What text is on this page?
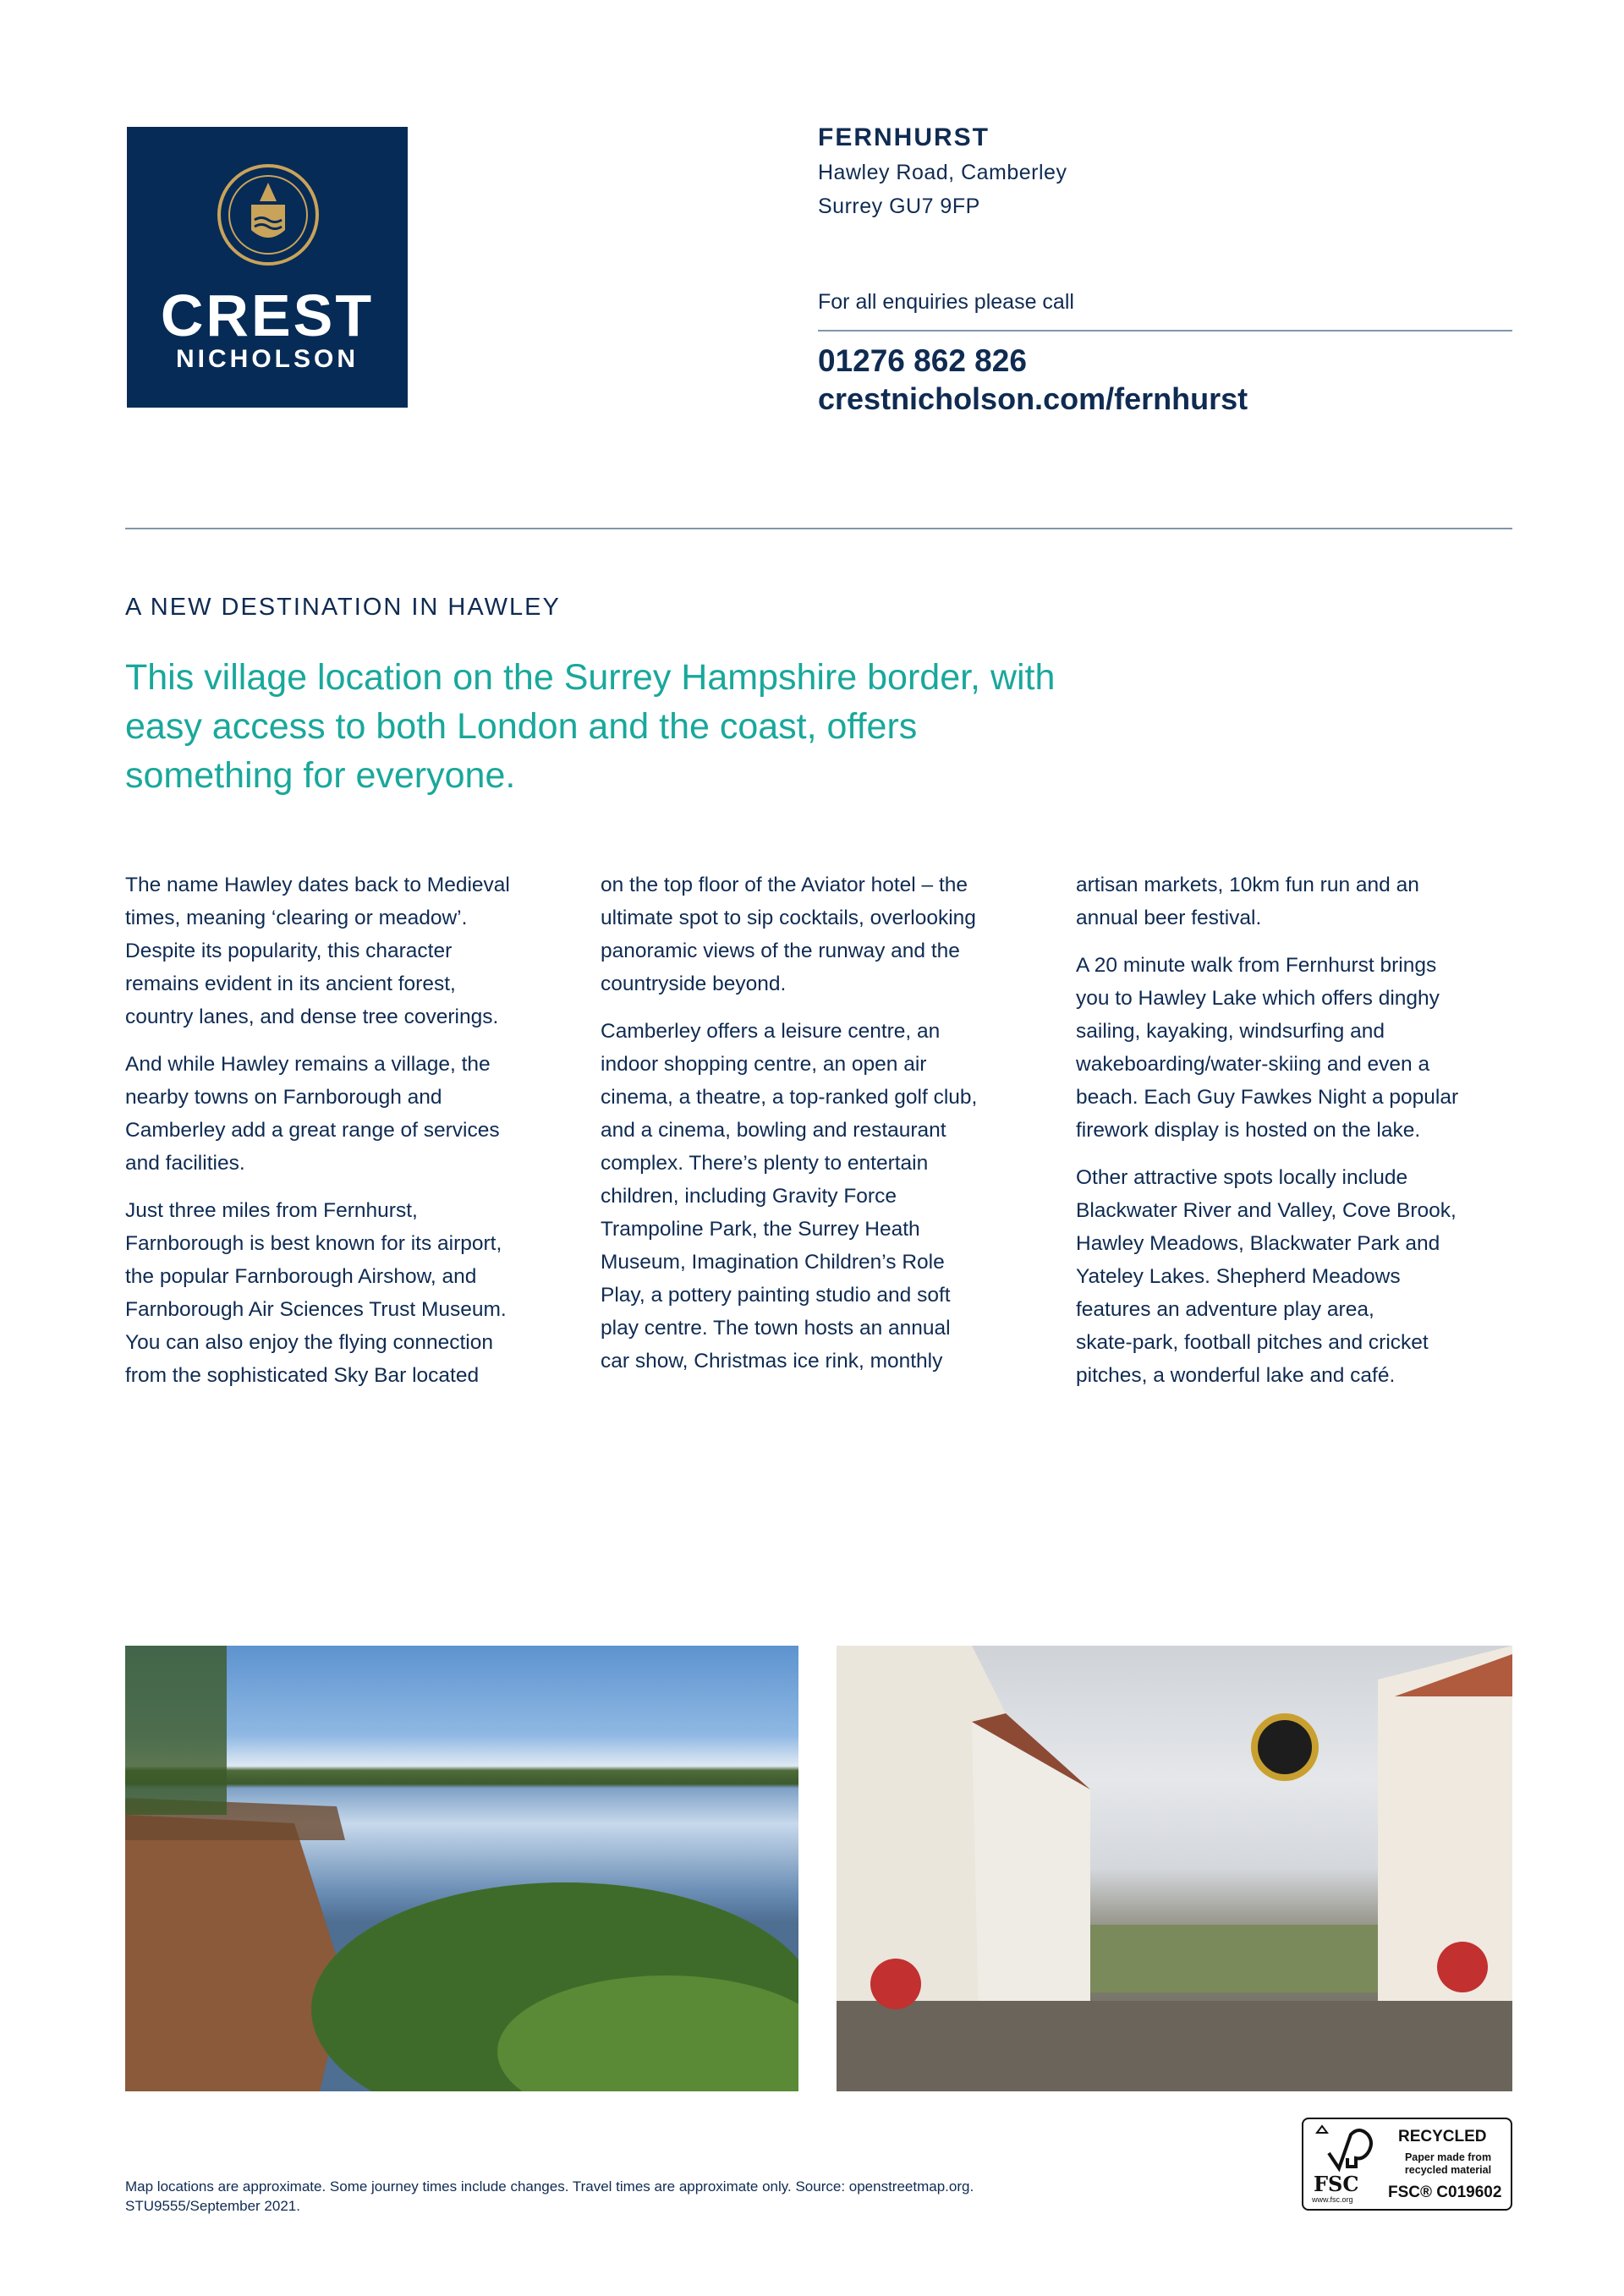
CREST
NICHOLSON
FERNHURST
Hawley Road, Camberley
Surrey GU7 9FP
For all enquiries please call
01276 862 826
crestnicholson.com/fernhurst
A NEW DESTINATION IN HAWLEY
This village location on the Surrey Hampshire border, with easy access to both London and the coast, offers something for everyone.

The name Hawley dates back to Medieval
times, meaning ‘clearing or meadow’.
Despite its popularity, this character
remains evident in its ancient forest,
country lanes, and dense tree coverings.

And while Hawley remains a village, the
nearby towns on Farnborough and
Camberley add a great range of services
and facilities.

Just three miles from Fernhurst,
Farnborough is best known for its airport,
the popular Farnborough Airshow, and
Farnborough Air Sciences Trust Museum.
You can also enjoy the flying connection
from the sophisticated Sky Bar located

on the top floor of the Aviator hotel – the
ultimate spot to sip cocktails, overlooking
panoramic views of the runway and the
countryside beyond.

Camberley offers a leisure centre, an
indoor shopping centre, an open air
cinema, a theatre, a top-ranked golf club,
and a cinema, bowling and restaurant
complex. There’s plenty to entertain
children, including Gravity Force
Trampoline Park, the Surrey Heath
Museum, Imagination Children’s Role
Play, a pottery painting studio and soft
play centre. The town hosts an annual
car show, Christmas ice rink, monthly

artisan markets, 10km fun run and an
annual beer festival.

A 20 minute walk from Fernhurst brings
you to Hawley Lake which offers dinghy
sailing, kayaking, windsurfing and
wakeboarding/water-skiing and even a
beach. Each Guy Fawkes Night a popular
firework display is hosted on the lake.

Other attractive spots locally include
Blackwater River and Valley, Cove Brook,
Hawley Meadows, Blackwater Park and
Yateley Lakes. Shepherd Meadows
features an adventure play area,
skate-park, football pitches and cricket
pitches, a wonderful lake and café.

Map locations are approximate. Some journey times include changes. Travel times are approximate only. Source: openstreetmap.org.
STU9555/September 2021.
FSC
www.fsc.org
RECYCLED
Paper made from
recycled material
FSC® C019602
